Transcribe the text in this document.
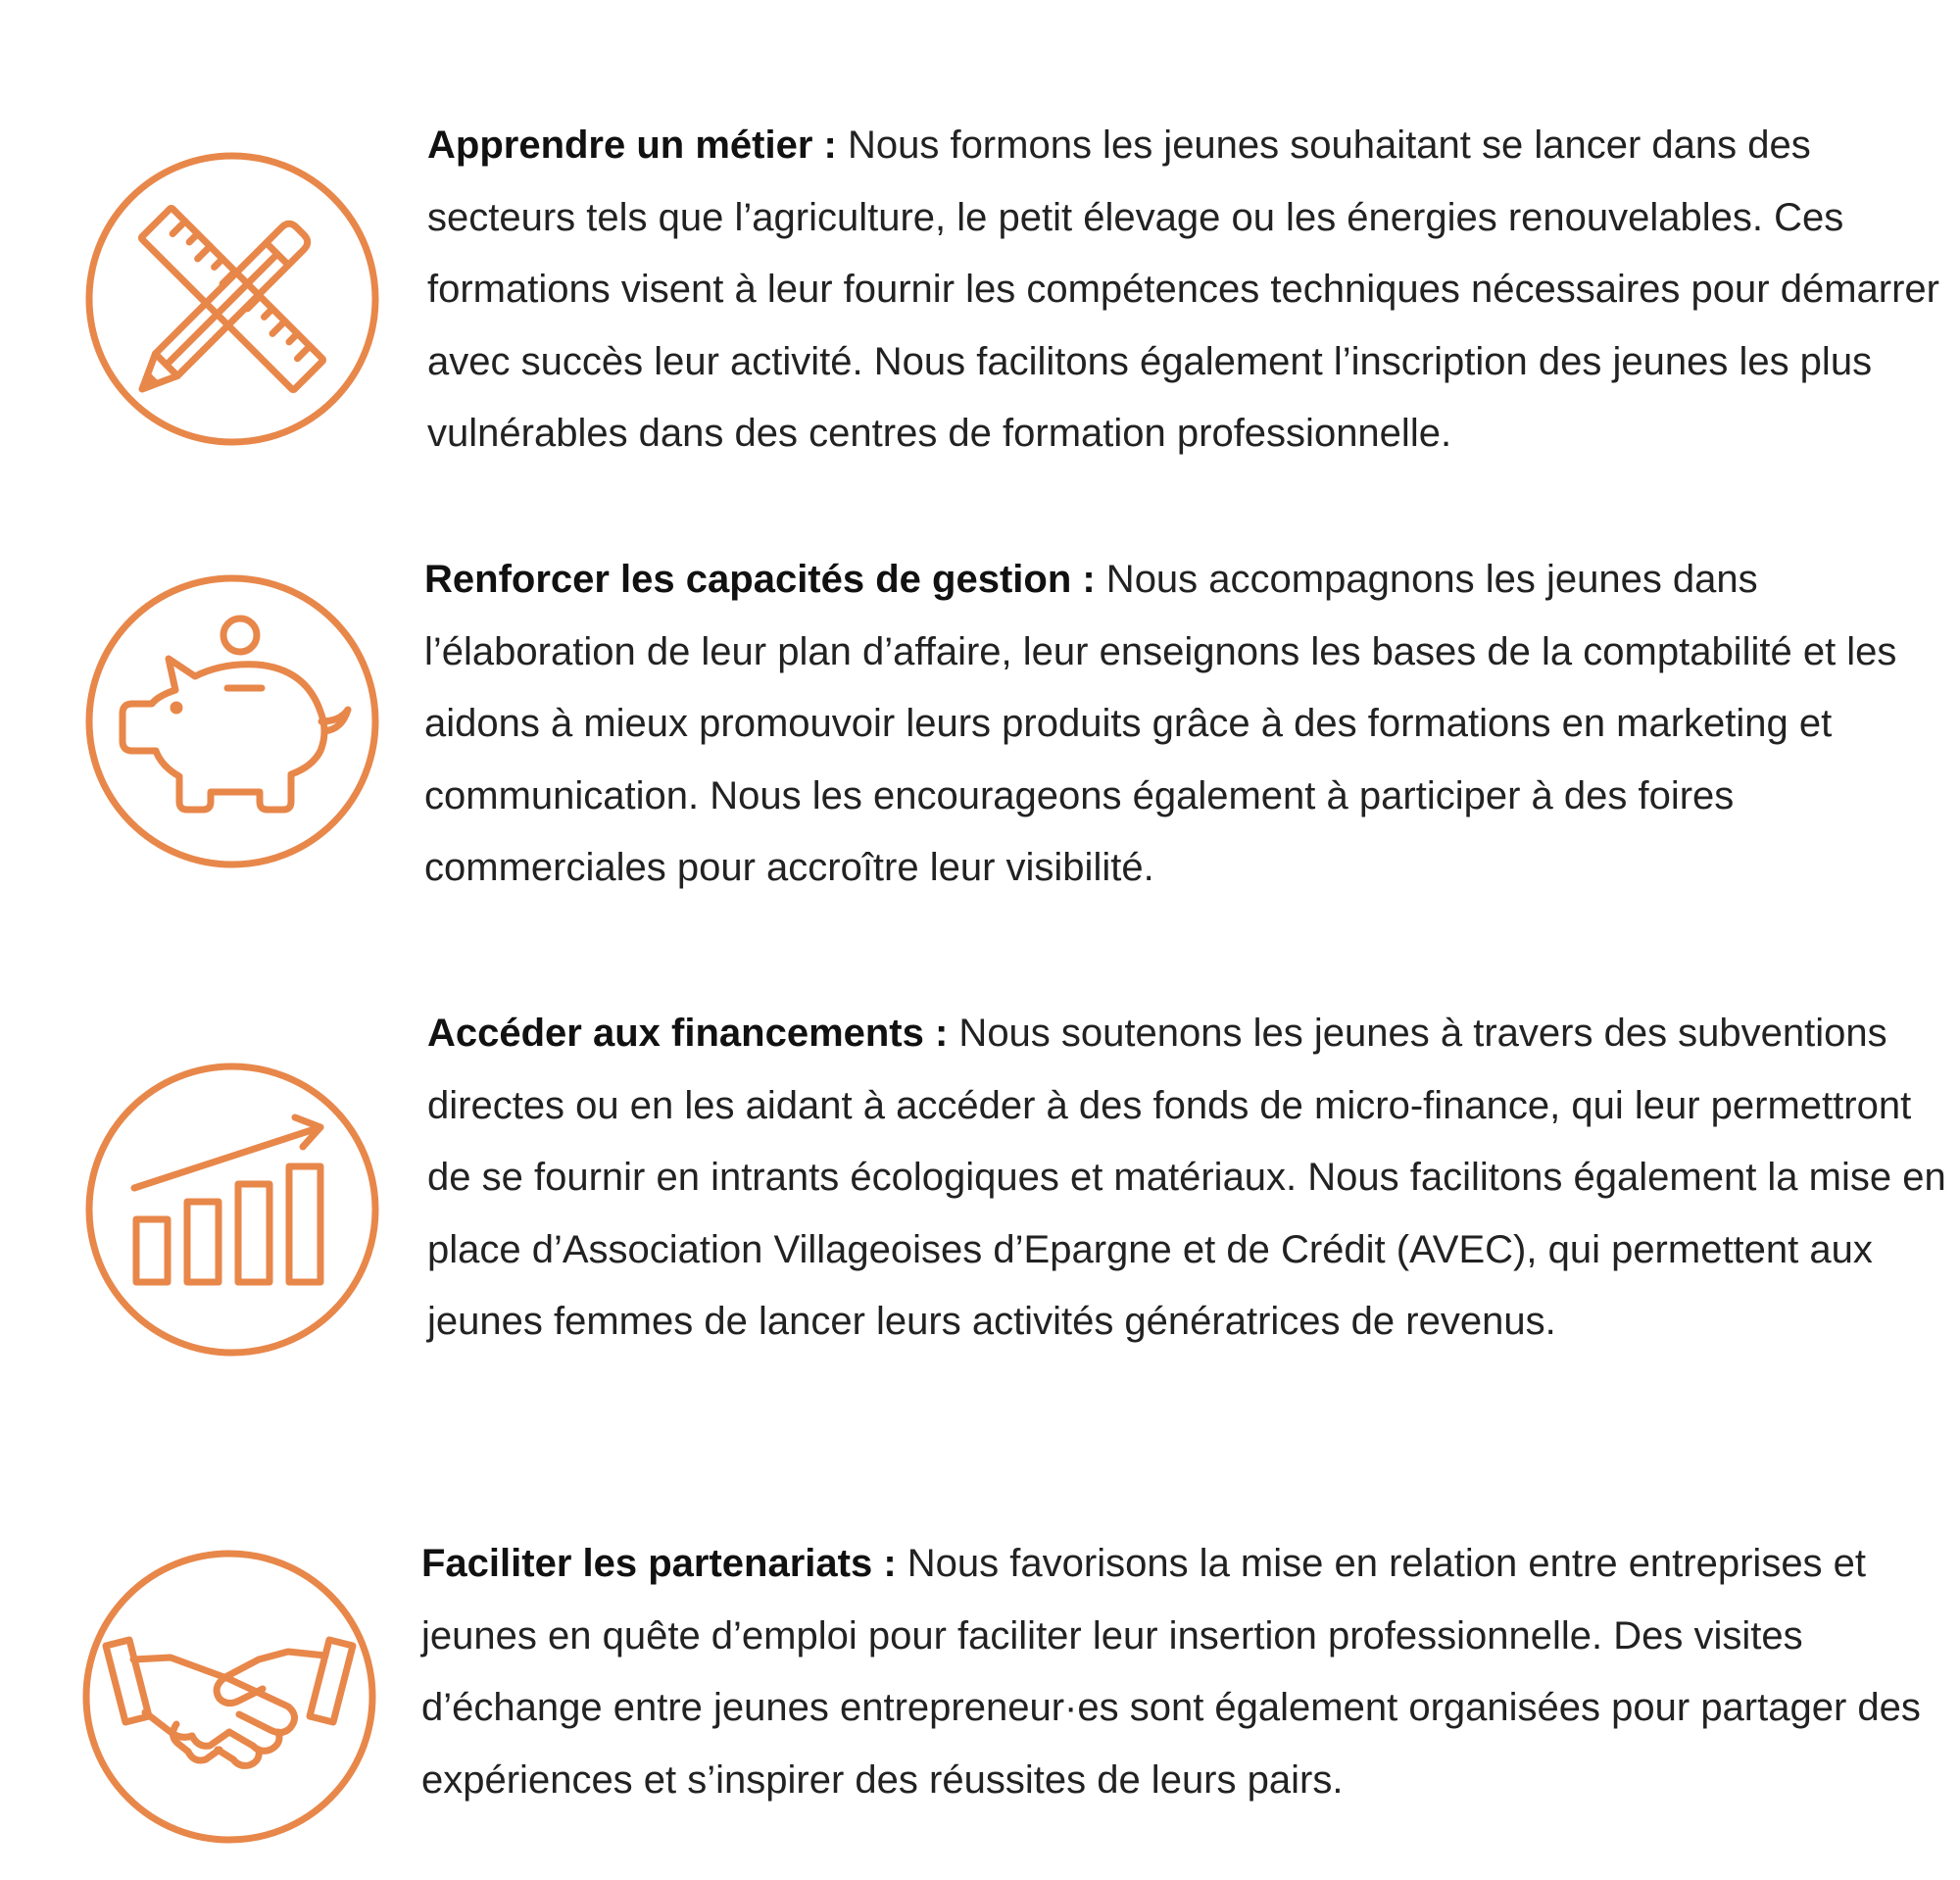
Apprendre un métier : Nous formons les jeunes souhaitant se lancer dans des secteurs tels que l’agriculture, le petit élevage ou les énergies renouvelables. Ces formations visent à leur fournir les compétences techniques nécessaires pour démarrer avec succès leur activité. Nous facilitons également l’inscription des jeunes les plus vulnérables dans des centres de formation professionnelle.

Renforcer les capacités de gestion : Nous accompagnons les jeunes dans l’élaboration de leur plan d’affaire, leur enseignons les bases de la comptabilité et les aidons à mieux promouvoir leurs produits grâce à des formations en marketing et communication. Nous les encourageons également à participer à des foires commerciales pour accroître leur visibilité.

Accéder aux financements : Nous soutenons les jeunes à travers des subventions directes ou en les aidant à accéder à des fonds de micro-finance, qui leur permettront de se fournir en intrants écologiques et matériaux. Nous facilitons également la mise en place d’Association Villageoises d’Epargne et de Crédit (AVEC), qui permettent aux jeunes femmes de lancer leurs activités génératrices de revenus.

Faciliter les partenariats : Nous favorisons la mise en relation entre entreprises et jeunes en quête d’emploi pour faciliter leur insertion professionnelle. Des visites d’échange entre jeunes entrepreneur·es sont également organisées pour partager des expériences et s’inspirer des réussites de leurs pairs.
